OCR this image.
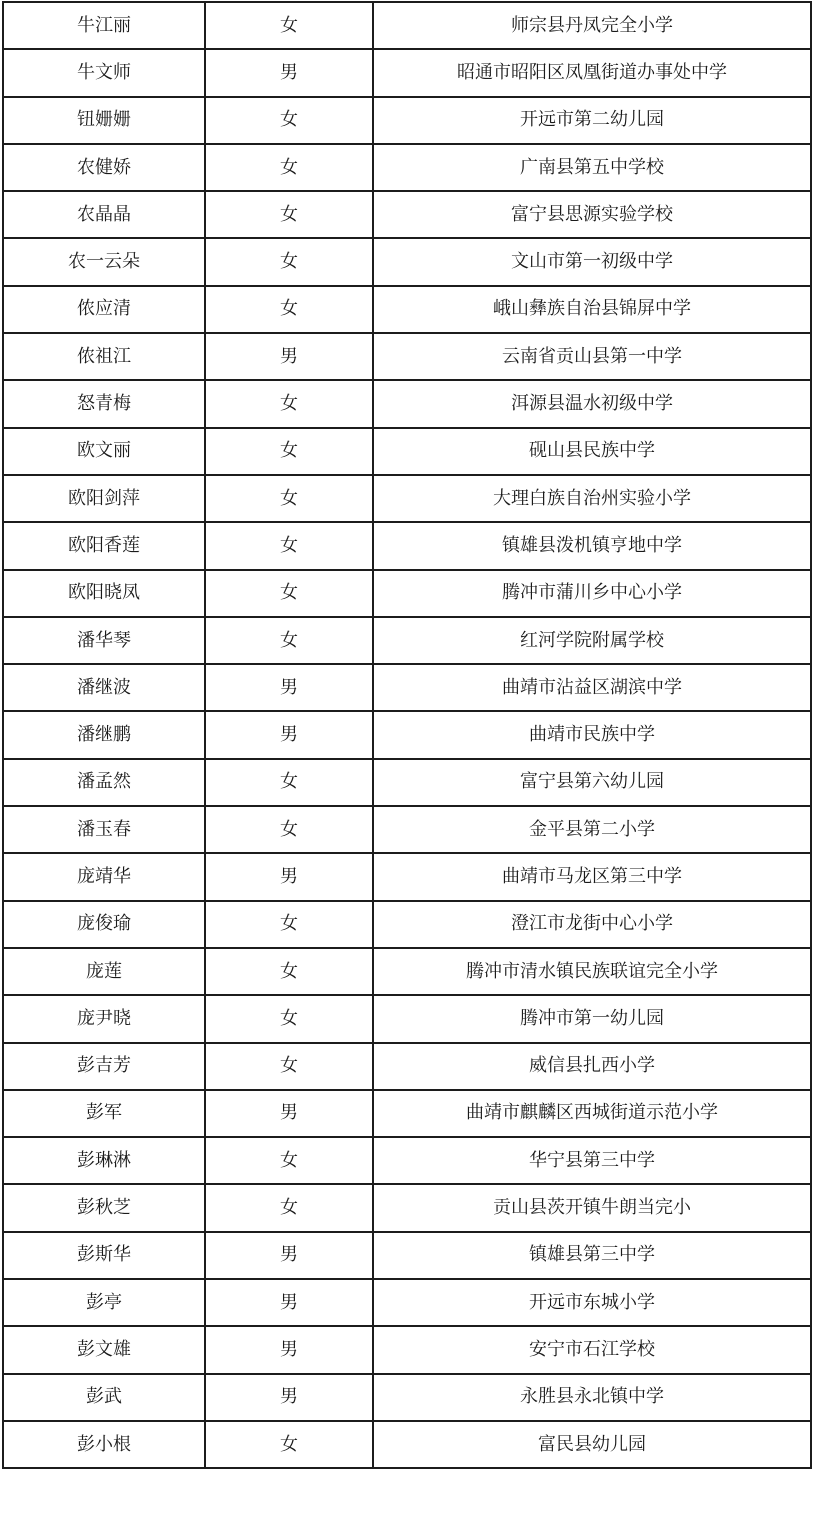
牛江丽	女	师宗县丹凤完全小学
牛文师	男	昭通市昭阳区凤凰街道办事处中学
钮姗姗	女	开远市第二幼儿园
农健娇	女	广南县第五中学校
农晶晶	女	富宁县思源实验学校
农一云朵	女	文山市第一初级中学
侬应清	女	峨山彝族自治县锦屏中学
侬祖江	男	云南省贡山县第一中学
怒青梅	女	洱源县温水初级中学
欧文丽	女	砚山县民族中学
欧阳剑萍	女	大理白族自治州实验小学
欧阳香莲	女	镇雄县泼机镇亨地中学
欧阳晓凤	女	腾冲市蒲川乡中心小学
潘华琴	女	红河学院附属学校
潘继波	男	曲靖市沾益区湖滨中学
潘继鹏	男	曲靖市民族中学
潘孟然	女	富宁县第六幼儿园
潘玉春	女	金平县第二小学
庞靖华	男	曲靖市马龙区第三中学
庞俊瑜	女	澄江市龙街中心小学
庞莲	女	腾冲市清水镇民族联谊完全小学
庞尹晓	女	腾冲市第一幼儿园
彭吉芳	女	威信县扎西小学
彭军	男	曲靖市麒麟区西城街道示范小学
彭琳淋	女	华宁县第三中学
彭秋芝	女	贡山县茨开镇牛朗当完小
彭斯华	男	镇雄县第三中学
彭亭	男	开远市东城小学
彭文雄	男	安宁市石江学校
彭武	男	永胜县永北镇中学
彭小根	女	富民县幼儿园
